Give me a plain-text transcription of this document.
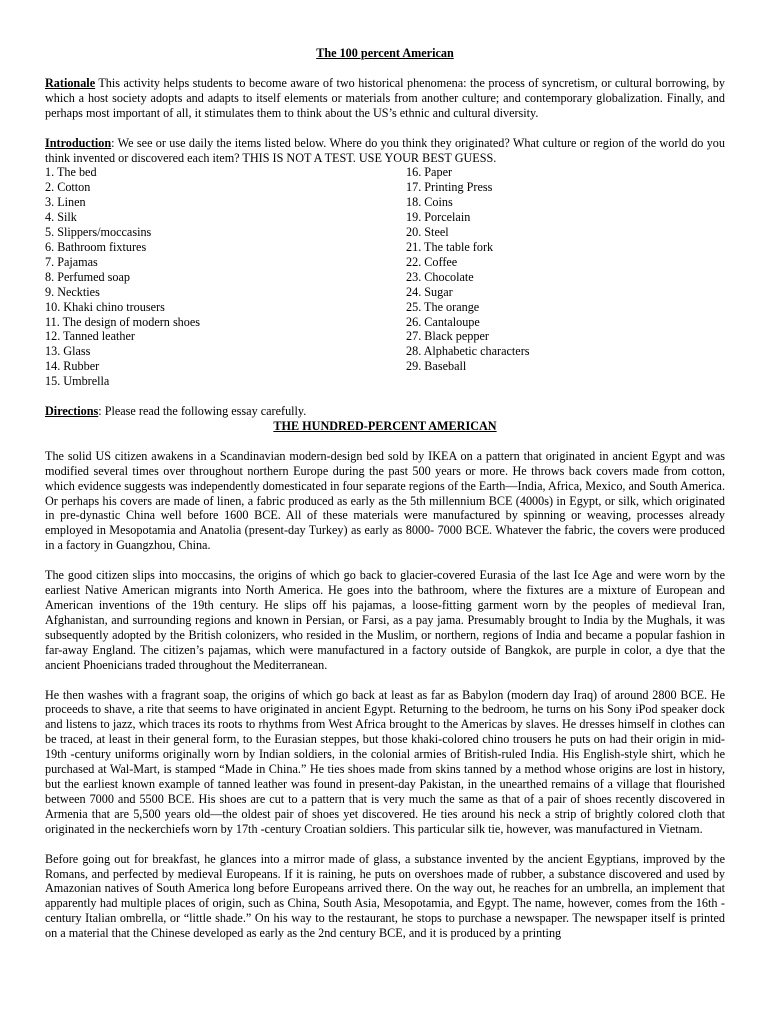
The 100 percent American

Rationale This activity helps students to become aware of two historical phenomena: the process of syncretism, or cultural borrowing, by which a host society adopts and adapts to itself elements or materials from another culture; and contemporary globalization. Finally, and perhaps most important of all, it stimulates them to think about the US’s ethnic and cultural diversity.

Introduction: We see or use daily the items listed below. Where do you think they originated? What culture or region of the world do you think invented or discovered each item? THIS IS NOT A TEST. USE YOUR BEST GUESS.

1. The bed
2. Cotton
3. Linen
4. Silk
5. Slippers/moccasins
6. Bathroom fixtures
7. Pajamas
8. Perfumed soap
9. Neckties
10. Khaki chino trousers
11. The design of modern shoes
12. Tanned leather
13. Glass
14. Rubber
15. Umbrella
16. Paper
17. Printing Press
18. Coins
19. Porcelain
20. Steel
21. The table fork
22. Coffee
23. Chocolate
24. Sugar
25. The orange
26. Cantaloupe
27. Black pepper
28. Alphabetic characters
29. Baseball

Directions: Please read the following essay carefully.

THE HUNDRED-PERCENT AMERICAN

The solid US citizen awakens in a Scandinavian modern-design bed sold by IKEA on a pattern that originated in ancient Egypt and was modified several times over throughout northern Europe during the past 500 years or more. He throws back covers made from cotton, which evidence suggests was independently domesticated in four separate regions of the Earth—India, Africa, Mexico, and South America. Or perhaps his covers are made of linen, a fabric produced as early as the 5th millennium BCE (4000s) in Egypt, or silk, which originated in pre-dynastic China well before 1600 BCE. All of these materials were manufactured by spinning or weaving, processes already employed in Mesopotamia and Anatolia (present-day Turkey) as early as 8000- 7000 BCE. Whatever the fabric, the covers were produced in a factory in Guangzhou, China.

The good citizen slips into moccasins, the origins of which go back to glacier-covered Eurasia of the last Ice Age and were worn by the earliest Native American migrants into North America. He goes into the bathroom, where the fixtures are a mixture of European and American inventions of the 19th century. He slips off his pajamas, a loose-fitting garment worn by the peoples of medieval Iran, Afghanistan, and surrounding regions and known in Persian, or Farsi, as a pay jama. Presumably brought to India by the Mughals, it was subsequently adopted by the British colonizers, who resided in the Muslim, or northern, regions of India and became a popular fashion in far-away England. The citizen’s pajamas, which were manufactured in a factory outside of Bangkok, are purple in color, a dye that the ancient Phoenicians traded throughout the Mediterranean.

He then washes with a fragrant soap, the origins of which go back at least as far as Babylon (modern day Iraq) of around 2800 BCE. He proceeds to shave, a rite that seems to have originated in ancient Egypt. Returning to the bedroom, he turns on his Sony iPod speaker dock and listens to jazz, which traces its roots to rhythms from West Africa brought to the Americas by slaves. He dresses himself in clothes can be traced, at least in their general form, to the Eurasian steppes, but those khaki-colored chino trousers he puts on had their origin in mid- 19th -century uniforms originally worn by Indian soldiers, in the colonial armies of British-ruled India. His English-style shirt, which he purchased at Wal-Mart, is stamped “Made in China.” He ties shoes made from skins tanned by a method whose origins are lost in history, but the earliest known example of tanned leather was found in present-day Pakistan, in the unearthed remains of a village that flourished between 7000 and 5500 BCE. His shoes are cut to a pattern that is very much the same as that of a pair of shoes recently discovered in Armenia that are 5,500 years old—the oldest pair of shoes yet discovered. He ties around his neck a strip of brightly colored cloth that originated in the neckerchiefs worn by 17th -century Croatian soldiers. This particular silk tie, however, was manufactured in Vietnam.

Before going out for breakfast, he glances into a mirror made of glass, a substance invented by the ancient Egyptians, improved by the Romans, and perfected by medieval Europeans. If it is raining, he puts on overshoes made of rubber, a substance discovered and used by Amazonian natives of South America long before Europeans arrived there. On the way out, he reaches for an umbrella, an implement that apparently had multiple places of origin, such as China, South Asia, Mesopotamia, and Egypt. The name, however, comes from the 16th -century Italian ombrella, or “little shade.” On his way to the restaurant, he stops to purchase a newspaper. The newspaper itself is printed on a material that the Chinese developed as early as the 2nd century BCE, and it is produced by a printing
